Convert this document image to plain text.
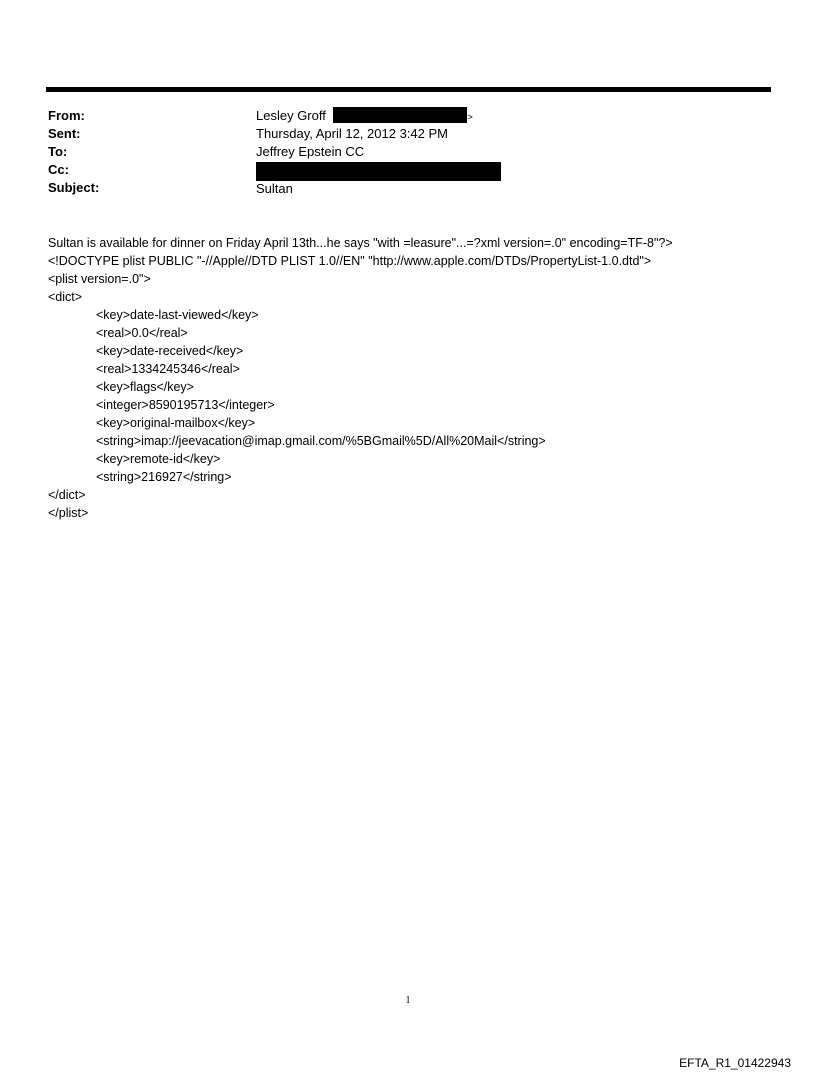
From:	Lesley Groff	>
Sent:	Thursday, April 12, 2012 3:42 PM
To:	Jeffrey Epstein CC
Cc:
Subject:	Sultan
Sultan is available for dinner on Friday April 13th...he says "with =leasure"...=?xml version=.0" encoding=TF-8"?>
<!DOCTYPE plist PUBLIC "-//Apple//DTD PLIST 1.0//EN" "http://www.apple.com/DTDs/PropertyList-1.0.dtd">
<plist version=.0">
<dict>
<key>date-last-viewed</key>
<real>0.0</real>
<key>date-received</key>
<real>1334245346</real>
<key>flags</key>
<integer>8590195713</integer>
<key>original-mailbox</key>
<string>imap://jeevacation@imap.gmail.com/%5BGmail%5D/All%20Mail</string>
<key>remote-id</key>
<string>216927</string>
</dict>
</plist>
1
EFTA_R1_01422943
